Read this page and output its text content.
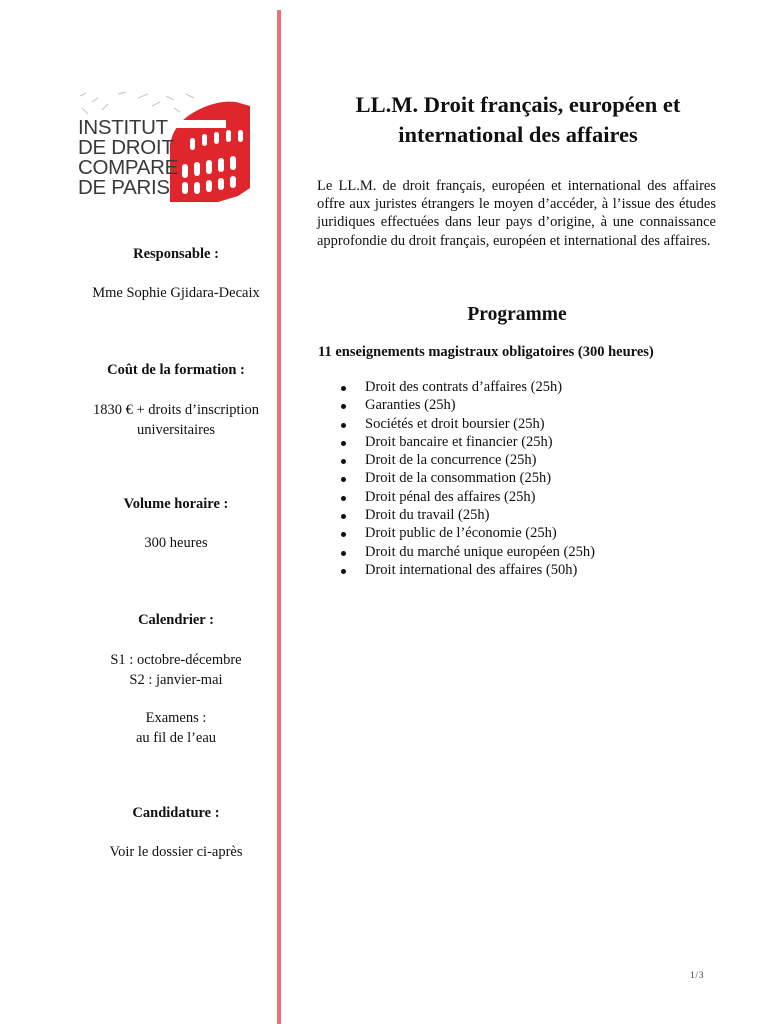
INSTITUT
DE DROIT
COMPARE
DE PARIS
Responsable :
Mme Sophie Gjidara-Decaix
Coût de la formation :
1830 € + droits d’inscription
universitaires
Volume horaire :
300 heures
Calendrier :
S1 : octobre-décembre
S2 : janvier-mai
Examens :
au fil de l’eau
Candidature :
Voir le dossier ci-après
LL.M. Droit français, européen et international des affaires
Le LL.M. de droit français, européen et international des affaires offre aux juristes étrangers le moyen d’accéder, à l’issue des études juridiques effectuées dans leur pays d’origine, à une connaissance approfondie du droit français, européen et international des affaires.
Programme
11 enseignements magistraux obligatoires (300 heures)
Droit des contrats d’affaires (25h)
Garanties (25h)
Sociétés et droit boursier (25h)
Droit bancaire et financier (25h)
Droit de la concurrence (25h)
Droit de la consommation (25h)
Droit pénal des affaires (25h)
Droit du travail (25h)
Droit public de l’économie (25h)
Droit du marché unique européen (25h)
Droit international des affaires (50h)
1/3
